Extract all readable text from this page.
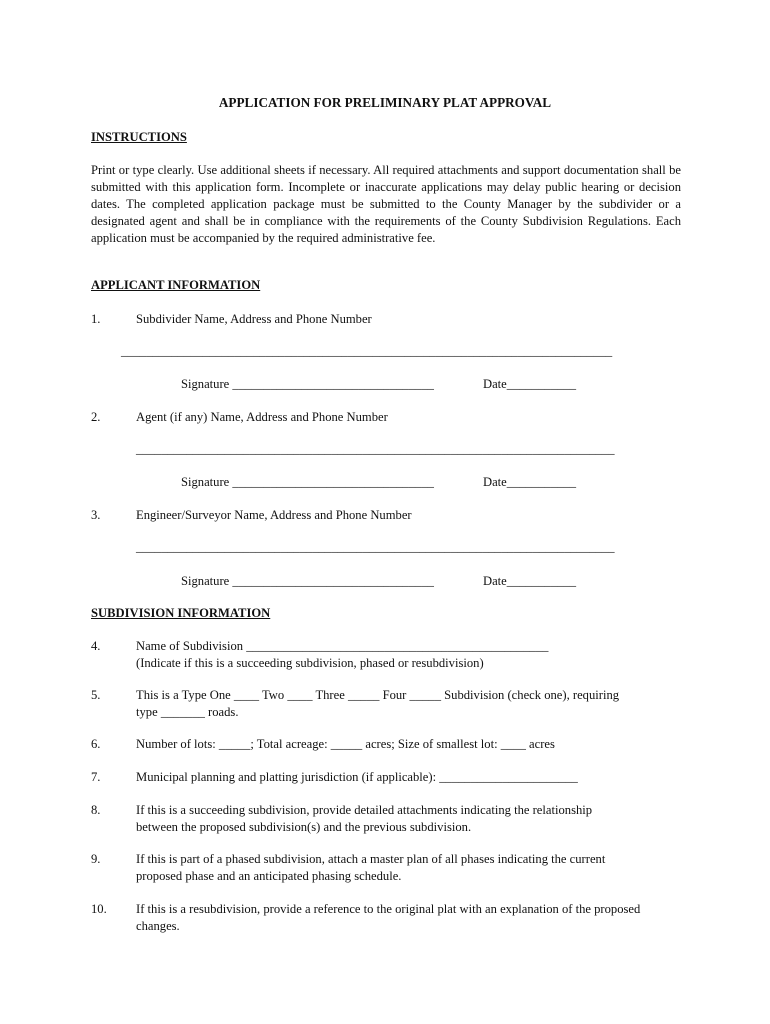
APPLICATION FOR PRELIMINARY PLAT APPROVAL
INSTRUCTIONS
Print or type clearly. Use additional sheets if necessary. All required attachments and support documentation shall be submitted with this application form. Incomplete or inaccurate applications may delay public hearing or decision dates. The completed application package must be submitted to the County Manager by the subdivider or a designated agent and shall be in compliance with the requirements of the County Subdivision Regulations. Each application must be accompanied by the required administrative fee.
APPLICANT INFORMATION
1.	Subdivider Name, Address and Phone Number
______________________________________________________________________________
Signature ________________________________	Date___________
2.	Agent (if any) Name, Address and Phone Number
____________________________________________________________________________
Signature ________________________________	Date___________
3.	Engineer/Surveyor Name, Address and Phone Number
____________________________________________________________________________
Signature ________________________________	Date___________
SUBDIVISION INFORMATION
4.	Name of Subdivision ________________________________________________
(Indicate if this is a succeeding subdivision, phased or resubdivision)
5.	This is a Type One ____ Two ____ Three _____ Four _____ Subdivision (check one), requiring
type _______ roads.
6.	Number of lots: _____; Total acreage: _____ acres; Size of smallest lot: ____ acres
7.	Municipal planning and platting jurisdiction (if applicable): ______________________
8.	If this is a succeeding subdivision, provide detailed attachments indicating the relationship
between the proposed subdivision(s) and the previous subdivision.
9.	If this is part of a phased subdivision, attach a master plan of all phases indicating the current
proposed phase and an anticipated phasing schedule.
10. If this is a resubdivision, provide a reference to the original plat with an explanation of the proposed
changes.
